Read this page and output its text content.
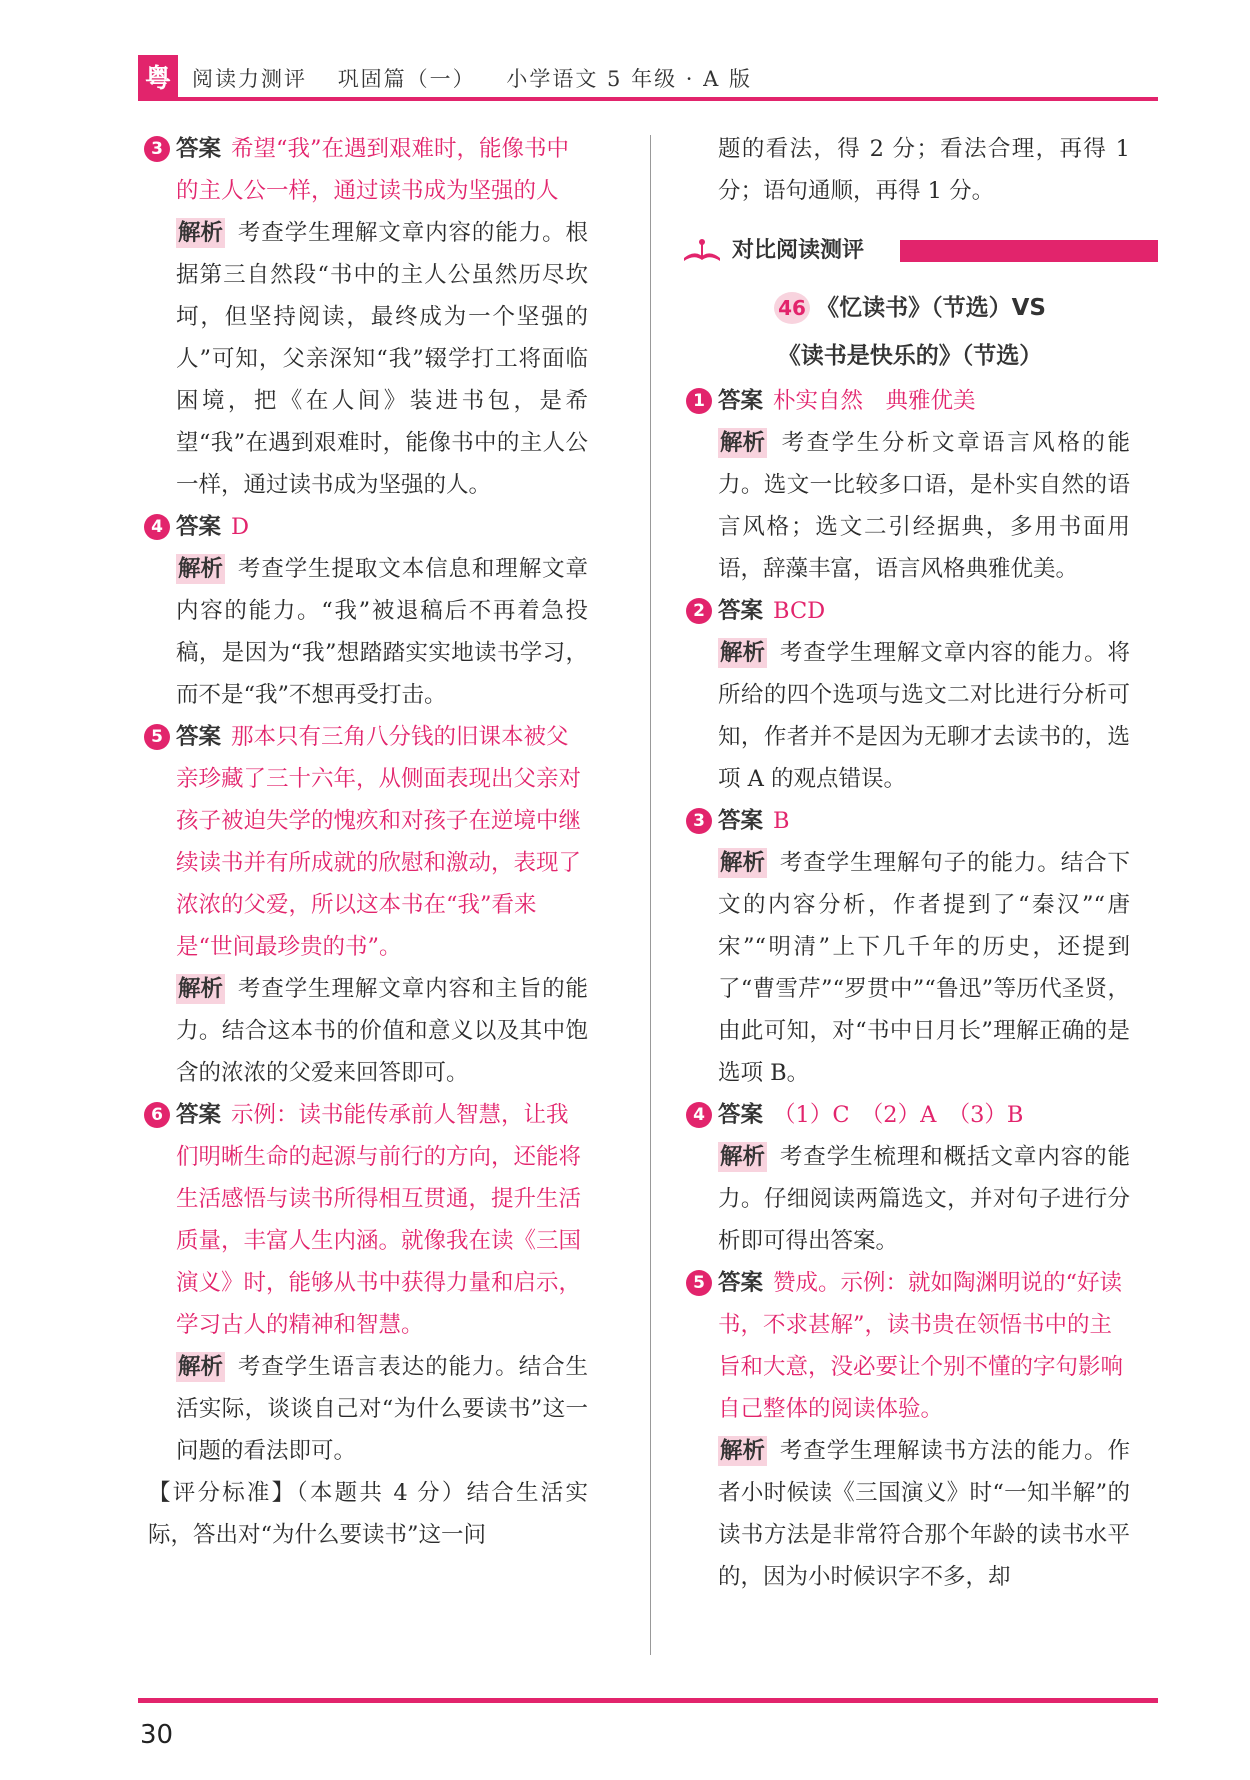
粤	阅读力测评 巩固篇（一） 小学语文 5 年级 · A 版
3 答案 希望“我”在遇到艰难时，能像书中的主人公一样，通过读书成为坚强的人
解析 考查学生理解文章内容的能力。根据第三自然段“书中的主人公虽然历尽坎坷，但坚持阅读，最终成为一个坚强的人”可知，父亲深知“我”辍学打工将面临困境，把《在人间》装进书包，是希望“我”在遇到艰难时，能像书中的主人公一样，通过读书成为坚强的人。
4 答案 D
解析 考查学生提取文本信息和理解文章内容的能力。“我”被退稿后不再着急投稿，是因为“我”想踏踏实实地读书学习，而不是“我”不想再受打击。
5 答案 那本只有三角八分钱的旧课本被父亲珍藏了三十六年，从侧面表现出父亲对孩子被迫失学的愧疚和对孩子在逆境中继续读书并有所成就的欣慰和激动，表现了浓浓的父爱，所以这本书在“我”看来是“世间最珍贵的书”。
解析 考查学生理解文章内容和主旨的能力。结合这本书的价值和意义以及其中饱含的浓浓的父爱来回答即可。
6 答案 示例：读书能传承前人智慧，让我们明晰生命的起源与前行的方向，还能将生活感悟与读书所得相互贯通，提升生活质量，丰富人生内涵。就像我在读《三国演义》时，能够从书中获得力量和启示，学习古人的精神和智慧。
解析 考查学生语言表达的能力。结合生活实际，谈谈自己对“为什么要读书”这一问题的看法即可。
【评分标准】（本题共 4 分）结合生活实际，答出对“为什么要读书”这一问
题的看法，得 2 分；看法合理，再得 1 分；语句通顺，再得 1 分。
对比阅读测评
46 《忆读书》（节选）VS
《读书是快乐的》（节选）
1 答案 朴实自然　典雅优美
解析 考查学生分析文章语言风格的能力。选文一比较多口语，是朴实自然的语言风格；选文二引经据典，多用书面用语，辞藻丰富，语言风格典雅优美。
2 答案 BCD
解析 考查学生理解文章内容的能力。将所给的四个选项与选文二对比进行分析可知，作者并不是因为无聊才去读书的，选项 A 的观点错误。
3 答案 B
解析 考查学生理解句子的能力。结合下文的内容分析，作者提到了“秦汉”“唐宋”“明清”上下几千年的历史，还提到了“曹雪芹”“罗贯中”“鲁迅”等历代圣贤，由此可知，对“书中日月长”理解正确的是选项 B。
4 答案 （1）C　（2）A　（3）B
解析 考查学生梳理和概括文章内容的能力。仔细阅读两篇选文，并对句子进行分析即可得出答案。
5 答案 赞成。示例：就如陶渊明说的“好读书，不求甚解”，读书贵在领悟书中的主旨和大意，没必要让个别不懂的字句影响自己整体的阅读体验。
解析 考查学生理解读书方法的能力。作者小时候读《三国演义》时“一知半解”的读书方法是非常符合那个年龄的读书水平的，因为小时候识字不多，却
30
